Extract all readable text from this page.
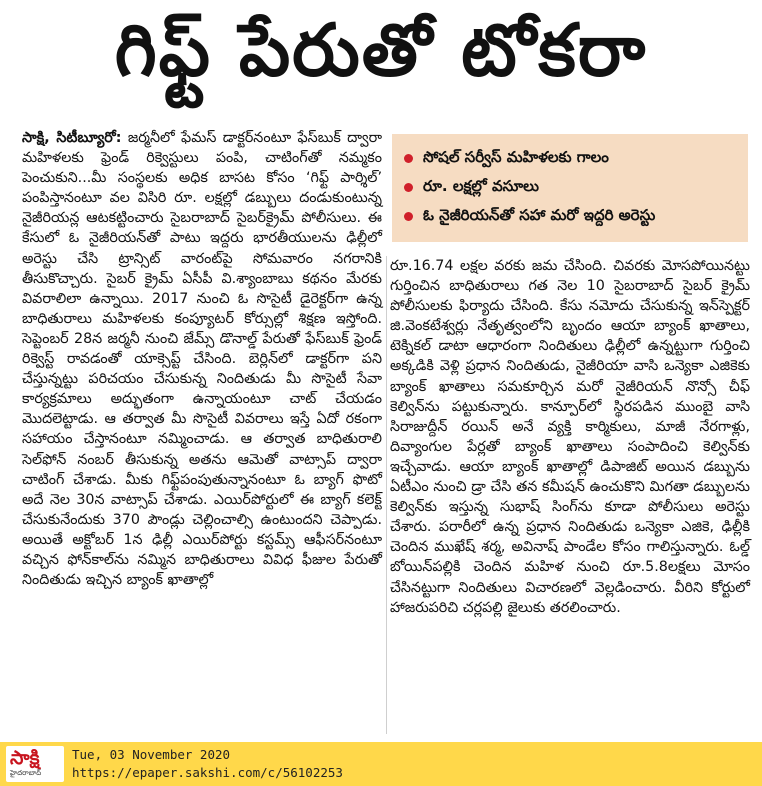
గిఫ్ట్ పేరుతో టోకరా

సాక్షి, సిటీబ్యూరో: జర్మనీలో ఫేమస్ డాక్టర్‌నంటూ ఫేస్‌బుక్ ద్వారా మహిళలకు ఫ్రెండ్ రిక్వెస్టులు పంపి, చాటింగ్‌తో నమ్మకం పెంచుకుని...మీ సంస్థలకు అధిక బాసట కోసం ‘గిఫ్ట్ పార్శిల్’ పంపిస్తానంటూ వల విసిరి రూ. లక్షల్లో డబ్బులు దండుకుంటున్న నైజీరియన్ల ఆటకట్టించారు సైబరాబాద్ సైబర్‌క్రైమ్ పోలీసులు. ఈ కేసులో ఓ నైజీరియన్‌తో పాటు ఇద్దరు భారతీయులను ఢిల్లీలో అరెస్టు చేసి ట్రాన్సిట్ వారంట్‌పై సోమవారం నగరానికి తీసుకొచ్చారు. సైబర్ క్రైమ్ ఏసీపీ వి.శ్యాంబాబు కథనం మేరకు వివరాలిలా ఉన్నాయి. 2017 నుంచి ఓ సొసైటీ డైరెక్టర్‌గా ఉన్న బాధితురాలు మహిళలకు కంప్యూటర్ కోర్సుల్లో శిక్షణ ఇస్తోంది. సెప్టెంబర్ 28న జర్మనీ నుంచి జేమ్స్ డొనాల్డ్ పేరుతో ఫేస్‌బుక్ ఫ్రెండ్ రిక్వెస్ట్ రావడంతో యాక్సెప్ట్ చేసింది. బెర్లిన్‌లో డాక్టర్‌గా పని చేస్తున్నట్టు పరిచయం చేసుకున్న నిందితుడు మీ సొసైటీ సేవా కార్యక్రమాలు అద్భుతంగా ఉన్నాయంటూ చాట్ చేయడం మొదలెట్టాడు. ఆ తర్వాత మీ సొసైటీ వివరాలు ఇస్తే ఏదో రకంగా సహాయం చేస్తానంటూ నమ్మించాడు. ఆ తర్వాత బాధితురాలి సెల్‌ఫోన్ నంబర్ తీసుకున్న అతను ఆమెతో వాట్సాప్ ద్వారా చాటింగ్ చేశాడు. మీకు గిఫ్ట్‌పంపుతున్నానంటూ ఓ బ్యాగ్ ఫొటో అదే నెల 30న వాట్సాప్ చేశాడు. ఎయిర్‌పోర్టులో ఈ బ్యాగ్ కలెక్ట్ చేసుకునేందుకు 370 పౌండ్లు చెల్లించాల్సి ఉంటుందని చెప్పాడు. అయితే అక్టోబర్ 1న ఢిల్లీ ఎయిర్‌పోర్టు కస్టమ్స్ ఆఫీసర్‌నంటూ వచ్చిన ఫోన్‌కాల్‌ను నమ్మిన బాధితురాలు వివిధ ఫీజుల పేరుతో నిందితుడు ఇచ్చిన బ్యాంక్ ఖాతాల్లో

సోషల్ సర్వీస్ మహిళలకు గాలం
రూ. లక్షల్లో వసూలు
ఓ నైజీరియన్‌తో సహా మరో ఇద్దరి అరెస్టు

రూ.16.74 లక్షల వరకు జమ చేసింది. చివరకు మోసపోయినట్టు గుర్తించిన బాధితురాలు గత నెల 10 సైబరాబాద్ సైబర్ క్రైమ్ పోలీసులకు ఫిర్యాదు చేసింది. కేసు నమోదు చేసుకున్న ఇన్‌స్పెక్టర్ జి.వెంకటేశ్వర్లు నేతృత్వంలోని బృందం ఆయా బ్యాంక్ ఖాతాలు, టెక్నికల్ డాటా ఆధారంగా నిందితులు ఢిల్లీలో ఉన్నట్టుగా గుర్తించి అక్కడికి వెళ్లి ప్రధాన నిందితుడు, నైజీరియా వాసి ఒన్యెకా ఎజికెకు బ్యాంక్ ఖాతాలు సమకూర్చిన మరో నైజీరియన్ నొన్సో చీఫ్ కెల్విన్‌ను పట్టుకున్నారు. కాన్పూర్‌లో స్థిరపడిన ముంబై వాసి సిరాజుద్దీన్ రయిన్ అనే వ్యక్తి కార్మికులు, మాజీ నేరగాళ్లు, దివ్యాంగుల పేర్లతో బ్యాంక్ ఖాతాలు సంపాదించి కెల్విన్‌కు ఇచ్చేవాడు. ఆయా బ్యాంక్ ఖాతాల్లో డిపాజిట్ అయిన డబ్బును ఏటీఎం నుంచి డ్రా చేసి తన కమీషన్ ఉంచుకొని మిగతా డబ్బులను కెల్విన్‌కు ఇస్తున్న సుభాష్ సింగ్‌ను కూడా పోలీసులు అరెస్టు చేశారు. పరారీలో ఉన్న ప్రధాన నిందితుడు ఒన్యెకా ఎజికె, ఢిల్లీకి చెందిన ముఖేష్ శర్మ, అవినాష్ పాండేల కోసం గాలిస్తున్నారు. ఓల్డ్ బోయిన్‌పల్లికి చెందిన మహిళ నుంచి రూ.5.8లక్షలు మోసం చేసినట్టుగా నిందితులు విచారణలో వెల్లడించారు. వీరిని కోర్టులో హాజరుపరిచి చర్లపల్లి జైలుకు తరలించారు.

సాక్షి
హైదరాబాద్
Tue, 03 November 2020
https://epaper.sakshi.com/c/56102253
